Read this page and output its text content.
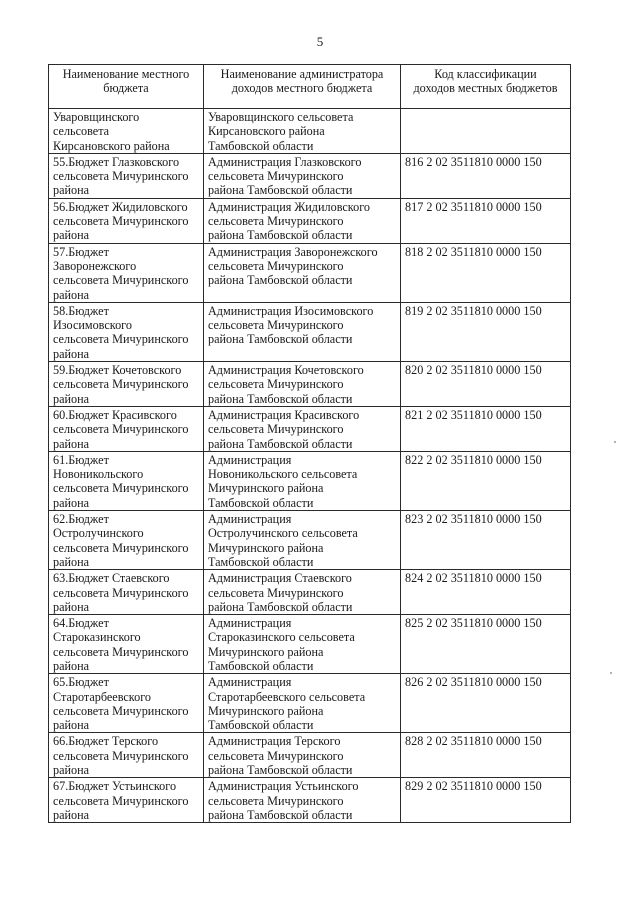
5
Наименование местного
бюджета	Наименование администратора
доходов местного бюджета	Код классификации
доходов местных бюджетов

Уваровщинского
сельсовета
Кирсановского района	Уваровщинского сельсовета
Кирсановского района
Тамбовской области	

55.Бюджет Глазковского
сельсовета Мичуринского
района	Администрация Глазковского
сельсовета Мичуринского
района Тамбовской области	816 2 02 3511810 0000 150

56.Бюджет Жидиловского
сельсовета Мичуринского
района	Администрация Жидиловского
сельсовета Мичуринского
района Тамбовской области	817 2 02 3511810 0000 150

57.Бюджет
Заворонежского
сельсовета Мичуринского
района	Администрация Заворонежского
сельсовета Мичуринского
района Тамбовской области	818 2 02 3511810 0000 150

58.Бюджет
Изосимовского
сельсовета Мичуринского
района	Администрация Изосимовского
сельсовета Мичуринского
района Тамбовской области	819 2 02 3511810 0000 150

59.Бюджет Кочетовского
сельсовета Мичуринского
района	Администрация Кочетовского
сельсовета Мичуринского
района Тамбовской области	820 2 02 3511810 0000 150

60.Бюджет Красивского
сельсовета Мичуринского
района	Администрация Красивского
сельсовета Мичуринского
района Тамбовской области	821 2 02 3511810 0000 150

61.Бюджет
Новоникольского
сельсовета Мичуринского
района	Администрация
Новоникольского сельсовета
Мичуринского района
Тамбовской области	822 2 02 3511810 0000 150

62.Бюджет
Остролучинского
сельсовета Мичуринского
района	Администрация
Остролучинского сельсовета
Мичуринского района
Тамбовской области	823 2 02 3511810 0000 150

63.Бюджет Стаевского
сельсовета Мичуринского
района	Администрация Стаевского
сельсовета Мичуринского
района Тамбовской области	824 2 02 3511810 0000 150

64.Бюджет
Староказинского
сельсовета Мичуринского
района	Администрация
Староказинского сельсовета
Мичуринского района
Тамбовской области	825 2 02 3511810 0000 150

65.Бюджет
Старотарбеевского
сельсовета Мичуринского
района	Администрация
Старотарбеевского сельсовета
Мичуринского района
Тамбовской области	826 2 02 3511810 0000 150

66.Бюджет Терского
сельсовета Мичуринского
района	Администрация Терского
сельсовета Мичуринского
района Тамбовской области	828 2 02 3511810 0000 150

67.Бюджет Устьинского
сельсовета Мичуринского
района	Администрация Устьинского
сельсовета Мичуринского
района Тамбовской области	829 2 02 3511810 0000 150
